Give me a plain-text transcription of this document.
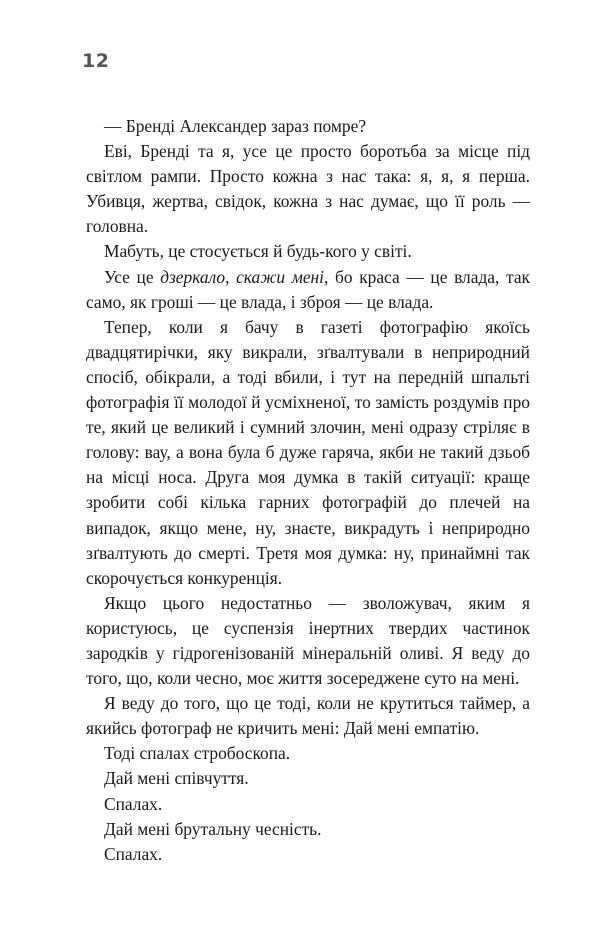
12

— Бренді Александер зараз помре?

Еві, Бренді та я, усе це просто боротьба за місце під світлом рампи. Просто кожна з нас така: я, я, я перша. Убивця, жертва, свідок, кожна з нас думає, що її роль — головна.

Мабуть, це стосується й будь-кого у світі.

Усе це дзеркало, скажи мені, бо краса — це влада, так само, як гроші — це влада, і зброя — це влада.

Тепер, коли я бачу в газеті фотографію якоїсь двадцятирічки, яку викрали, зґвалтували в неприродний спосіб, обікрали, а тоді вбили, і тут на передній шпальті фотографія її молодої й усміхненої, то замість роздумів про те, який це великий і сумний злочин, мені одразу стріляє в голову: вау, а вона була б дуже гаряча, якби не такий дзьоб на місці носа. Друга моя думка в такій ситуації: краще зробити собі кілька гарних фотографій до плечей на випадок, якщо мене, ну, знаєте, викрадуть і неприродно зґвалтують до смерті. Третя моя думка: ну, принаймні так скорочується конкуренція.

Якщо цього недостатньо — зволожувач, яким я користуюсь, це суспензія інертних твердих частинок зародків у гідрогенізованій мінеральній оливі. Я веду до того, що, коли чесно, моє життя зосереджене суто на мені.

Я веду до того, що це тоді, коли не крутиться таймер, а якийсь фотограф не кричить мені: Дай мені емпатію.

Тоді спалах стробоскопа.

Дай мені співчуття.

Спалах.

Дай мені брутальну чесність.

Спалах.
